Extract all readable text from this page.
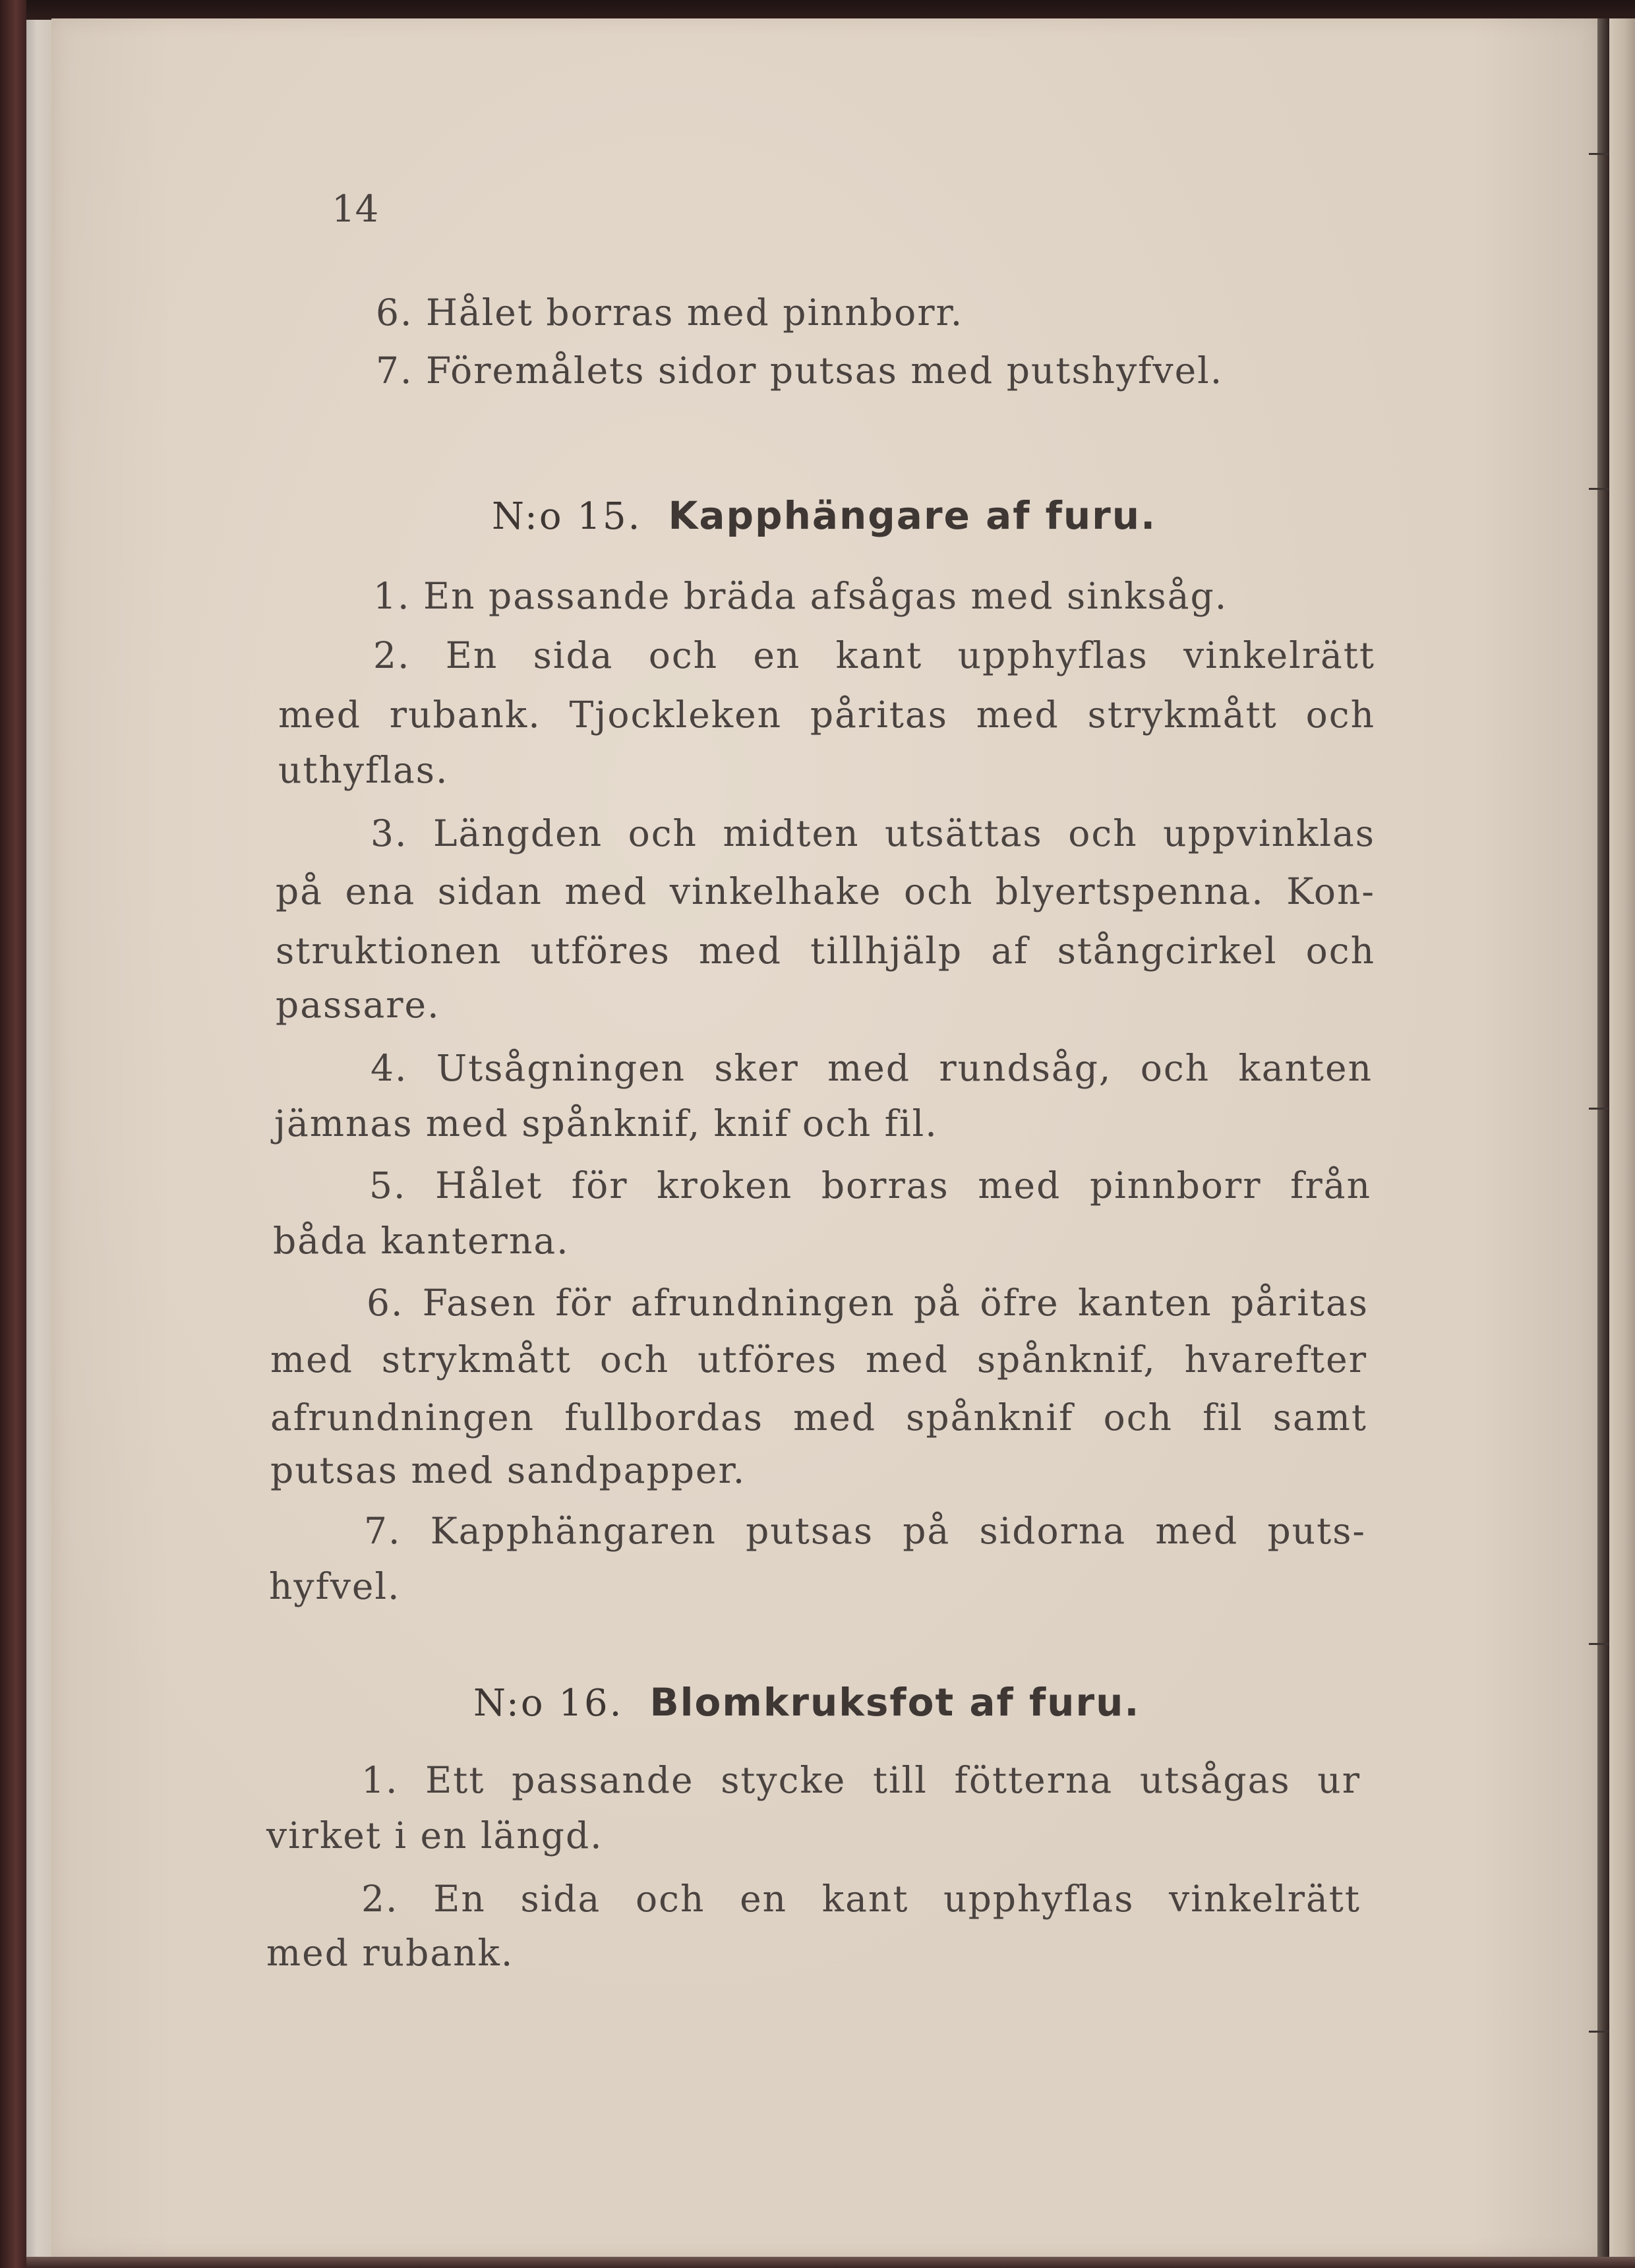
14
6. Hålet borras med pinnborr.
7. Föremålets sidor putsas med putshyfvel.
N:o 15. Kapphängare af furu.
1. En passande bräda afsågas med sinksåg.
2. En sida och en kant upphyflas vinkelrätt
med rubank. Tjockleken påritas med strykmått och
uthyflas.
3. Längden och midten utsättas och uppvinklas
på ena sidan med vinkelhake och blyertspenna. Kon-
struktionen utföres med tillhjälp af stångcirkel och
passare.
4. Utsågningen sker med rundsåg, och kanten
jämnas med spånknif, knif och fil.
5. Hålet för kroken borras med pinnborr från
båda kanterna.
6. Fasen för afrundningen på öfre kanten påritas
med strykmått och utföres med spånknif, hvarefter
afrundningen fullbordas med spånknif och fil samt
putsas med sandpapper.
7. Kapphängaren putsas på sidorna med puts-
hyfvel.
N:o 16. Blomkruksfot af furu.
1. Ett passande stycke till fötterna utsågas ur
virket i en längd.
2. En sida och en kant upphyflas vinkelrätt
med rubank.
